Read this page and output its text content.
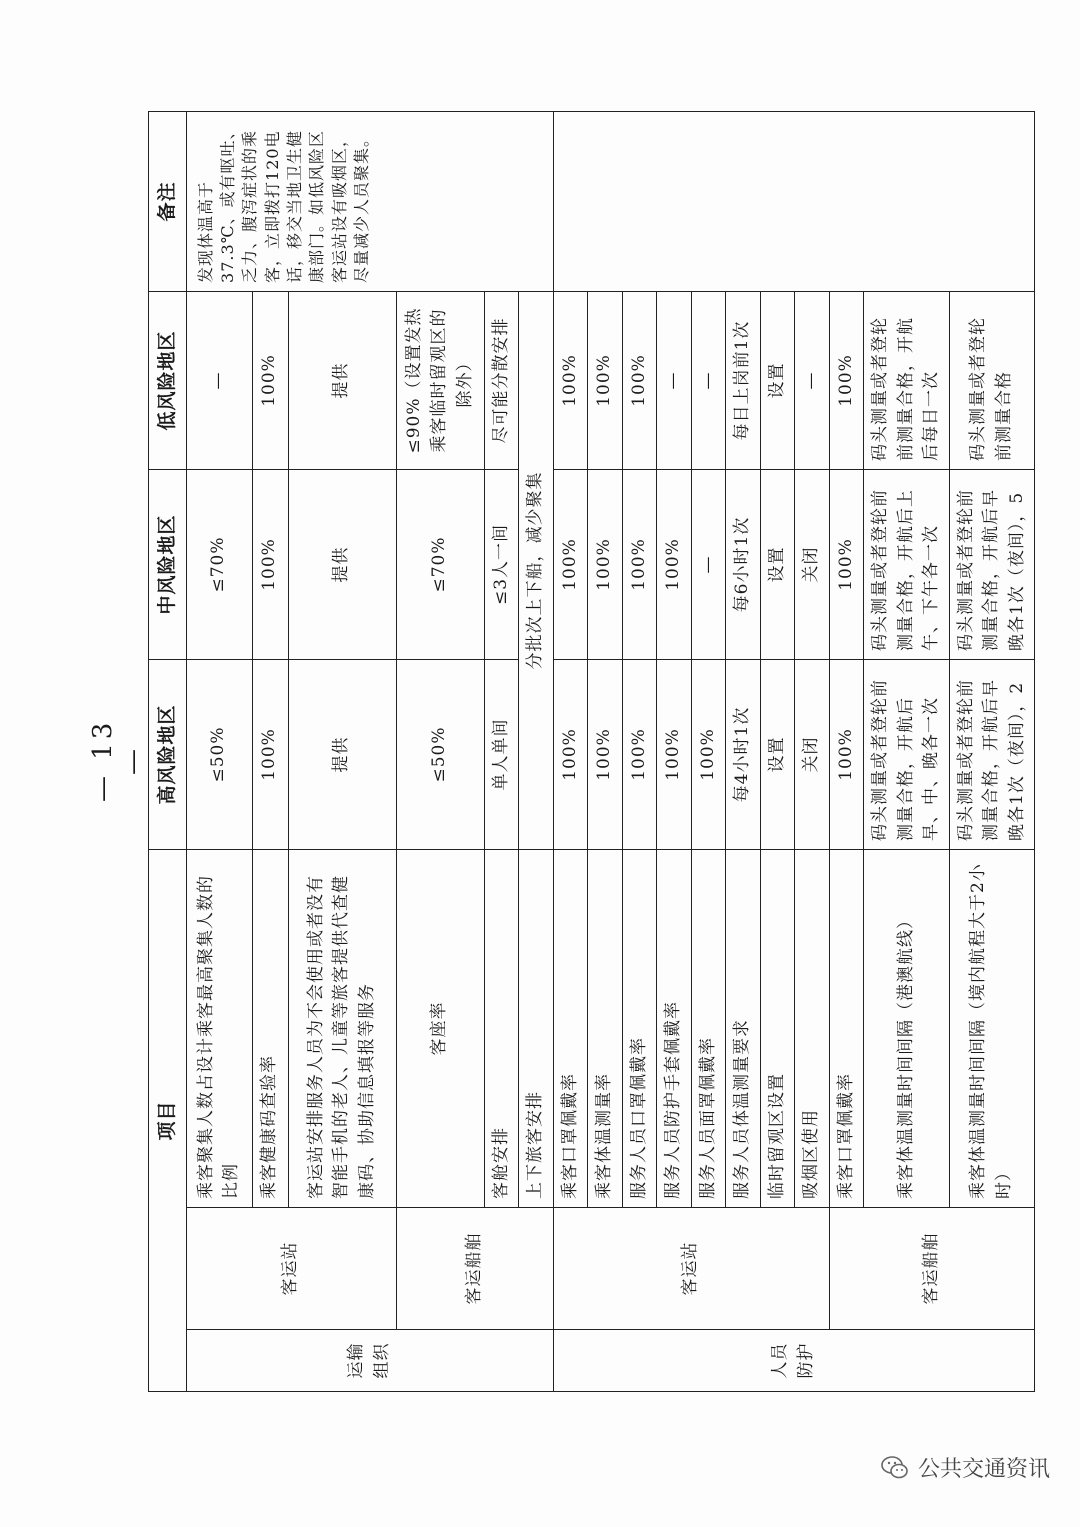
项目			高风险地区	中风险地区	低风险地区	备注
运输组织	客运站	乘客聚集人数占设计乘客最高聚集人数的比例	≤50%	≤70%	—	发现体温高于37.3℃、或有呕吐、乏力、腹泻症状的乘客，立即拨打120电话，移交当地卫生健康部门。如低风险区客运站设有吸烟区，尽量减少人员聚集。
		乘客健康码查验率	100%	100%	100%	
		客运站安排服务人员为不会使用或者没有智能手机的老人、儿童等旅客提供代查健康码、协助信息填报等服务	提供	提供	提供	
	客运船舶	客座率	≤50%	≤70%	≤90%（设置发热乘客临时留观区的除外）	
		客舱安排	单人单间	≤3人一间	尽可能分散安排	
		上下旅客安排	分批次上下船，减少聚集			
人员防护	客运站	乘客口罩佩戴率	100%	100%	100%	
		乘客体温测量率	100%	100%	100%	
		服务人员口罩佩戴率	100%	100%	100%	
		服务人员防护手套佩戴率	100%	100%	—	
		服务人员面罩佩戴率	100%	—	—	
		服务人员体温测量要求	每4小时1次	每6小时1次	每日上岗前1次	
		临时留观区设置	设置	设置	设置	
		吸烟区使用	关闭	关闭	—	
	客运船舶	乘客口罩佩戴率	100%	100%	100%	
		乘客体温测量时间间隔（港澳航线）	码头测量或者登轮前测量合格，开航后早、中、晚各一次	码头测量或者登轮前测量合格，开航后上午、下午各一次	码头测量或者登轮前测量合格，开航后每日一次	
		乘客体温测量时间间隔（境内航程大于2小时）	码头测量或者登轮前测量合格，开航后早晚各1次（夜间），2	码头测量或者登轮前测量合格，开航后早晚各1次（夜间），5	码头测量或者登轮前测量合格	
— 13 —
公共交通资讯
